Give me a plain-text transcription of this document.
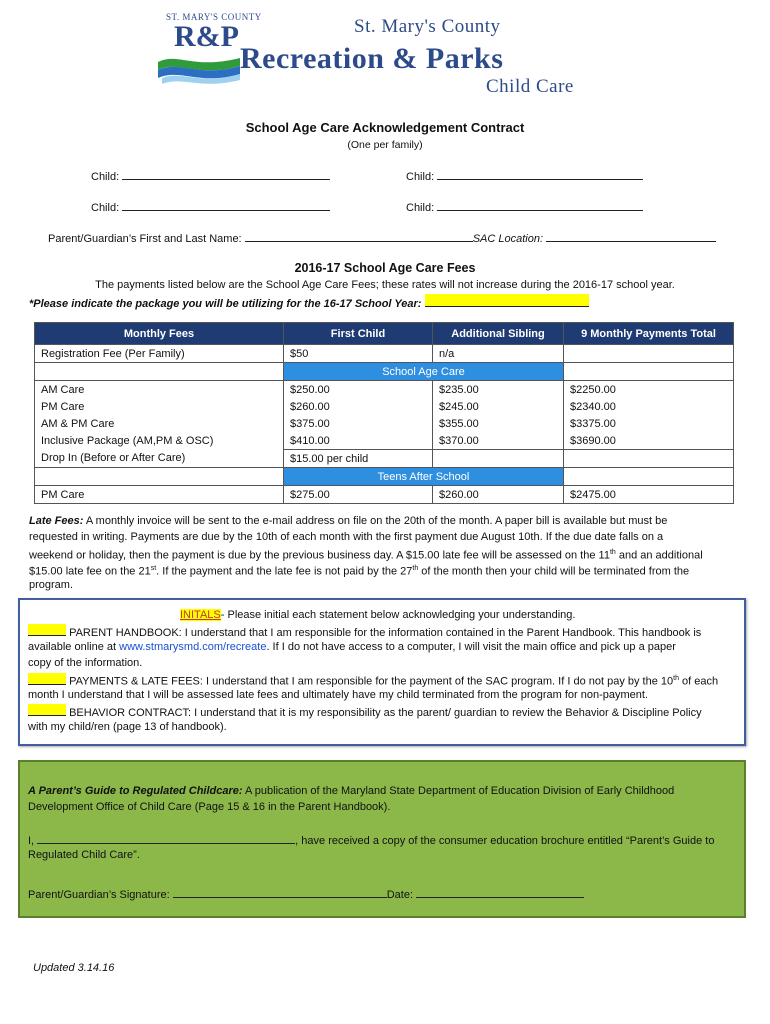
ST. MARY'S COUNTY
R&P	St. Mary's County
Recreation & Parks
Child Care
School Age Care Acknowledgement Contract
(One per family)
Child:	Child:
Child:	Child:
Parent/Guardian’s First and Last Name:	SAC Location:
2016-17 School Age Care Fees
The payments listed below are the School Age Care Fees; these rates will not increase during the 2016-17 school year.
*Please indicate the package you will be utilizing for the 16-17 School Year:
Monthly Fees	First Child	Additional Sibling	9 Monthly Payments Total
Registration Fee (Per Family)	$50	n/a	
	School Age Care		
AM Care	$250.00	$235.00	$2250.00
PM Care	$260.00	$245.00	$2340.00
AM & PM Care	$375.00	$355.00	$3375.00
Inclusive Package (AM,PM & OSC)	$410.00	$370.00	$3690.00
Drop In (Before or After Care)	$15.00 per child		
	Teens After School		
PM Care	$275.00	$260.00	$2475.00
Late Fees: A monthly invoice will be sent to the e-mail address on file on the 20th of the month. A paper bill is available but must be
requested in writing. Payments are due by the 10th of each month with the first payment due August 10th. If the due date falls on a
weekend or holiday, then the payment is due by the previous business day. A $15.00 late fee will be assessed on the 11th and an additional
$15.00 late fee on the 21st. If the payment and the late fee is not paid by the 27th of the month then your child will be terminated from the
program.
INITALS- Please initial each statement below acknowledging your understanding.
PARENT HANDBOOK: I understand that I am responsible for the information contained in the Parent Handbook. This handbook is
available online at www.stmarysmd.com/recreate. If I do not have access to a computer, I will visit the main office and pick up a paper
copy of the information.
PAYMENTS & LATE FEES: I understand that I am responsible for the payment of the SAC program. If I do not pay by the 10th of each
month I understand that I will be assessed late fees and ultimately have my child terminated from the program for non-payment.
BEHAVIOR CONTRACT: I understand that it is my responsibility as the parent/ guardian to review the Behavior & Discipline Policy
with my child/ren (page 13 of handbook).
A Parent’s Guide to Regulated Childcare: A publication of the Maryland State Department of Education Division of Early Childhood
Development Office of Child Care (Page 15 & 16 in the Parent Handbook).
I,	, have received a copy of the consumer education brochure entitled “Parent’s Guide to
Regulated Child Care”.
Parent/Guardian’s Signature:	Date:
Updated 3.14.16
